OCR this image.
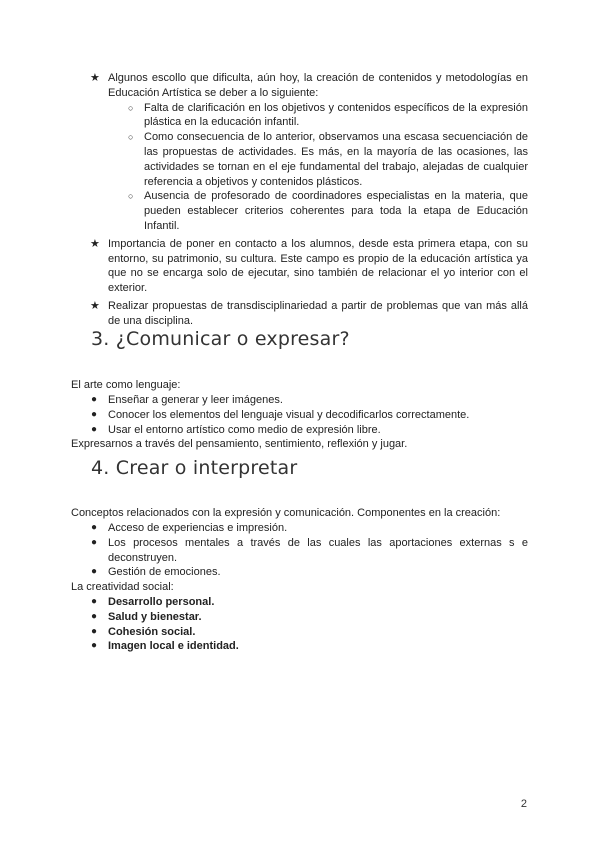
★ Algunos escollo que dificulta, aún hoy, la creación de contenidos y metodologías en Educación Artística se deber a lo siguiente:
○ Falta de clarificación en los objetivos y contenidos específicos de la expresión plástica en la educación infantil.
○ Como consecuencia de lo anterior, observamos una escasa secuenciación de las propuestas de actividades. Es más, en la mayoría de las ocasiones, las actividades se tornan en el eje fundamental del trabajo, alejadas de cualquier referencia a objetivos y contenidos plásticos.
○ Ausencia de profesorado de coordinadores especialistas en la materia, que pueden establecer criterios coherentes para toda la etapa de Educación Infantil.
★ Importancia de poner en contacto a los alumnos, desde esta primera etapa, con su entorno, su patrimonio, su cultura. Este campo es propio de la educación artística ya que no se encarga solo de ejecutar, sino también de relacionar el yo interior con el exterior.
★ Realizar propuestas de transdisciplinariedad a partir de problemas que van más allá de una disciplina.
3. ¿Comunicar o expresar?

El arte como lenguaje:

● Enseñar a generar y leer imágenes.
● Conocer los elementos del lenguaje visual y decodificarlos correctamente.
● Usar el entorno artístico como medio de expresión libre.

Expresarnos a través del pensamiento, sentimiento, reflexión y jugar.

4. Crear o interpretar

Conceptos relacionados con la expresión y comunicación. Componentes en la creación:

● Acceso de experiencias e impresión.
● Los procesos mentales a través de las cuales las aportaciones externas s e deconstruyen.
● Gestión de emociones.

La creatividad social:

● Desarrollo personal.
● Salud y bienestar.
● Cohesión social.
● Imagen local e identidad.
2
